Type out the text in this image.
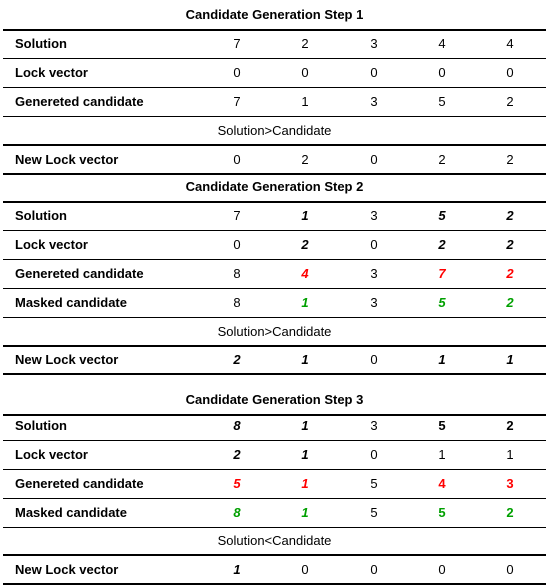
Candidate Generation Step 1
Solution	7	2	3	4	4
Lock vector	0	0	0	0	0
Genereted candidate	7	1	3	5	2
Solution>Candidate
New Lock vector	0	2	0	2	2
Candidate Generation Step 2
Solution	7	1	3	5	2
Lock vector	0	2	0	2	2
Genereted candidate	8	4	3	7	2
Masked candidate	8	1	3	5	2
Solution>Candidate
New Lock vector	2	1	0	1	1
Candidate Generation Step 3
Solution	8	1	3	5	2
Lock vector	2	1	0	1	1
Genereted candidate	5	1	5	4	3
Masked candidate	8	1	5	5	2
Solution<Candidate
New Lock vector	1	0	0	0	0
